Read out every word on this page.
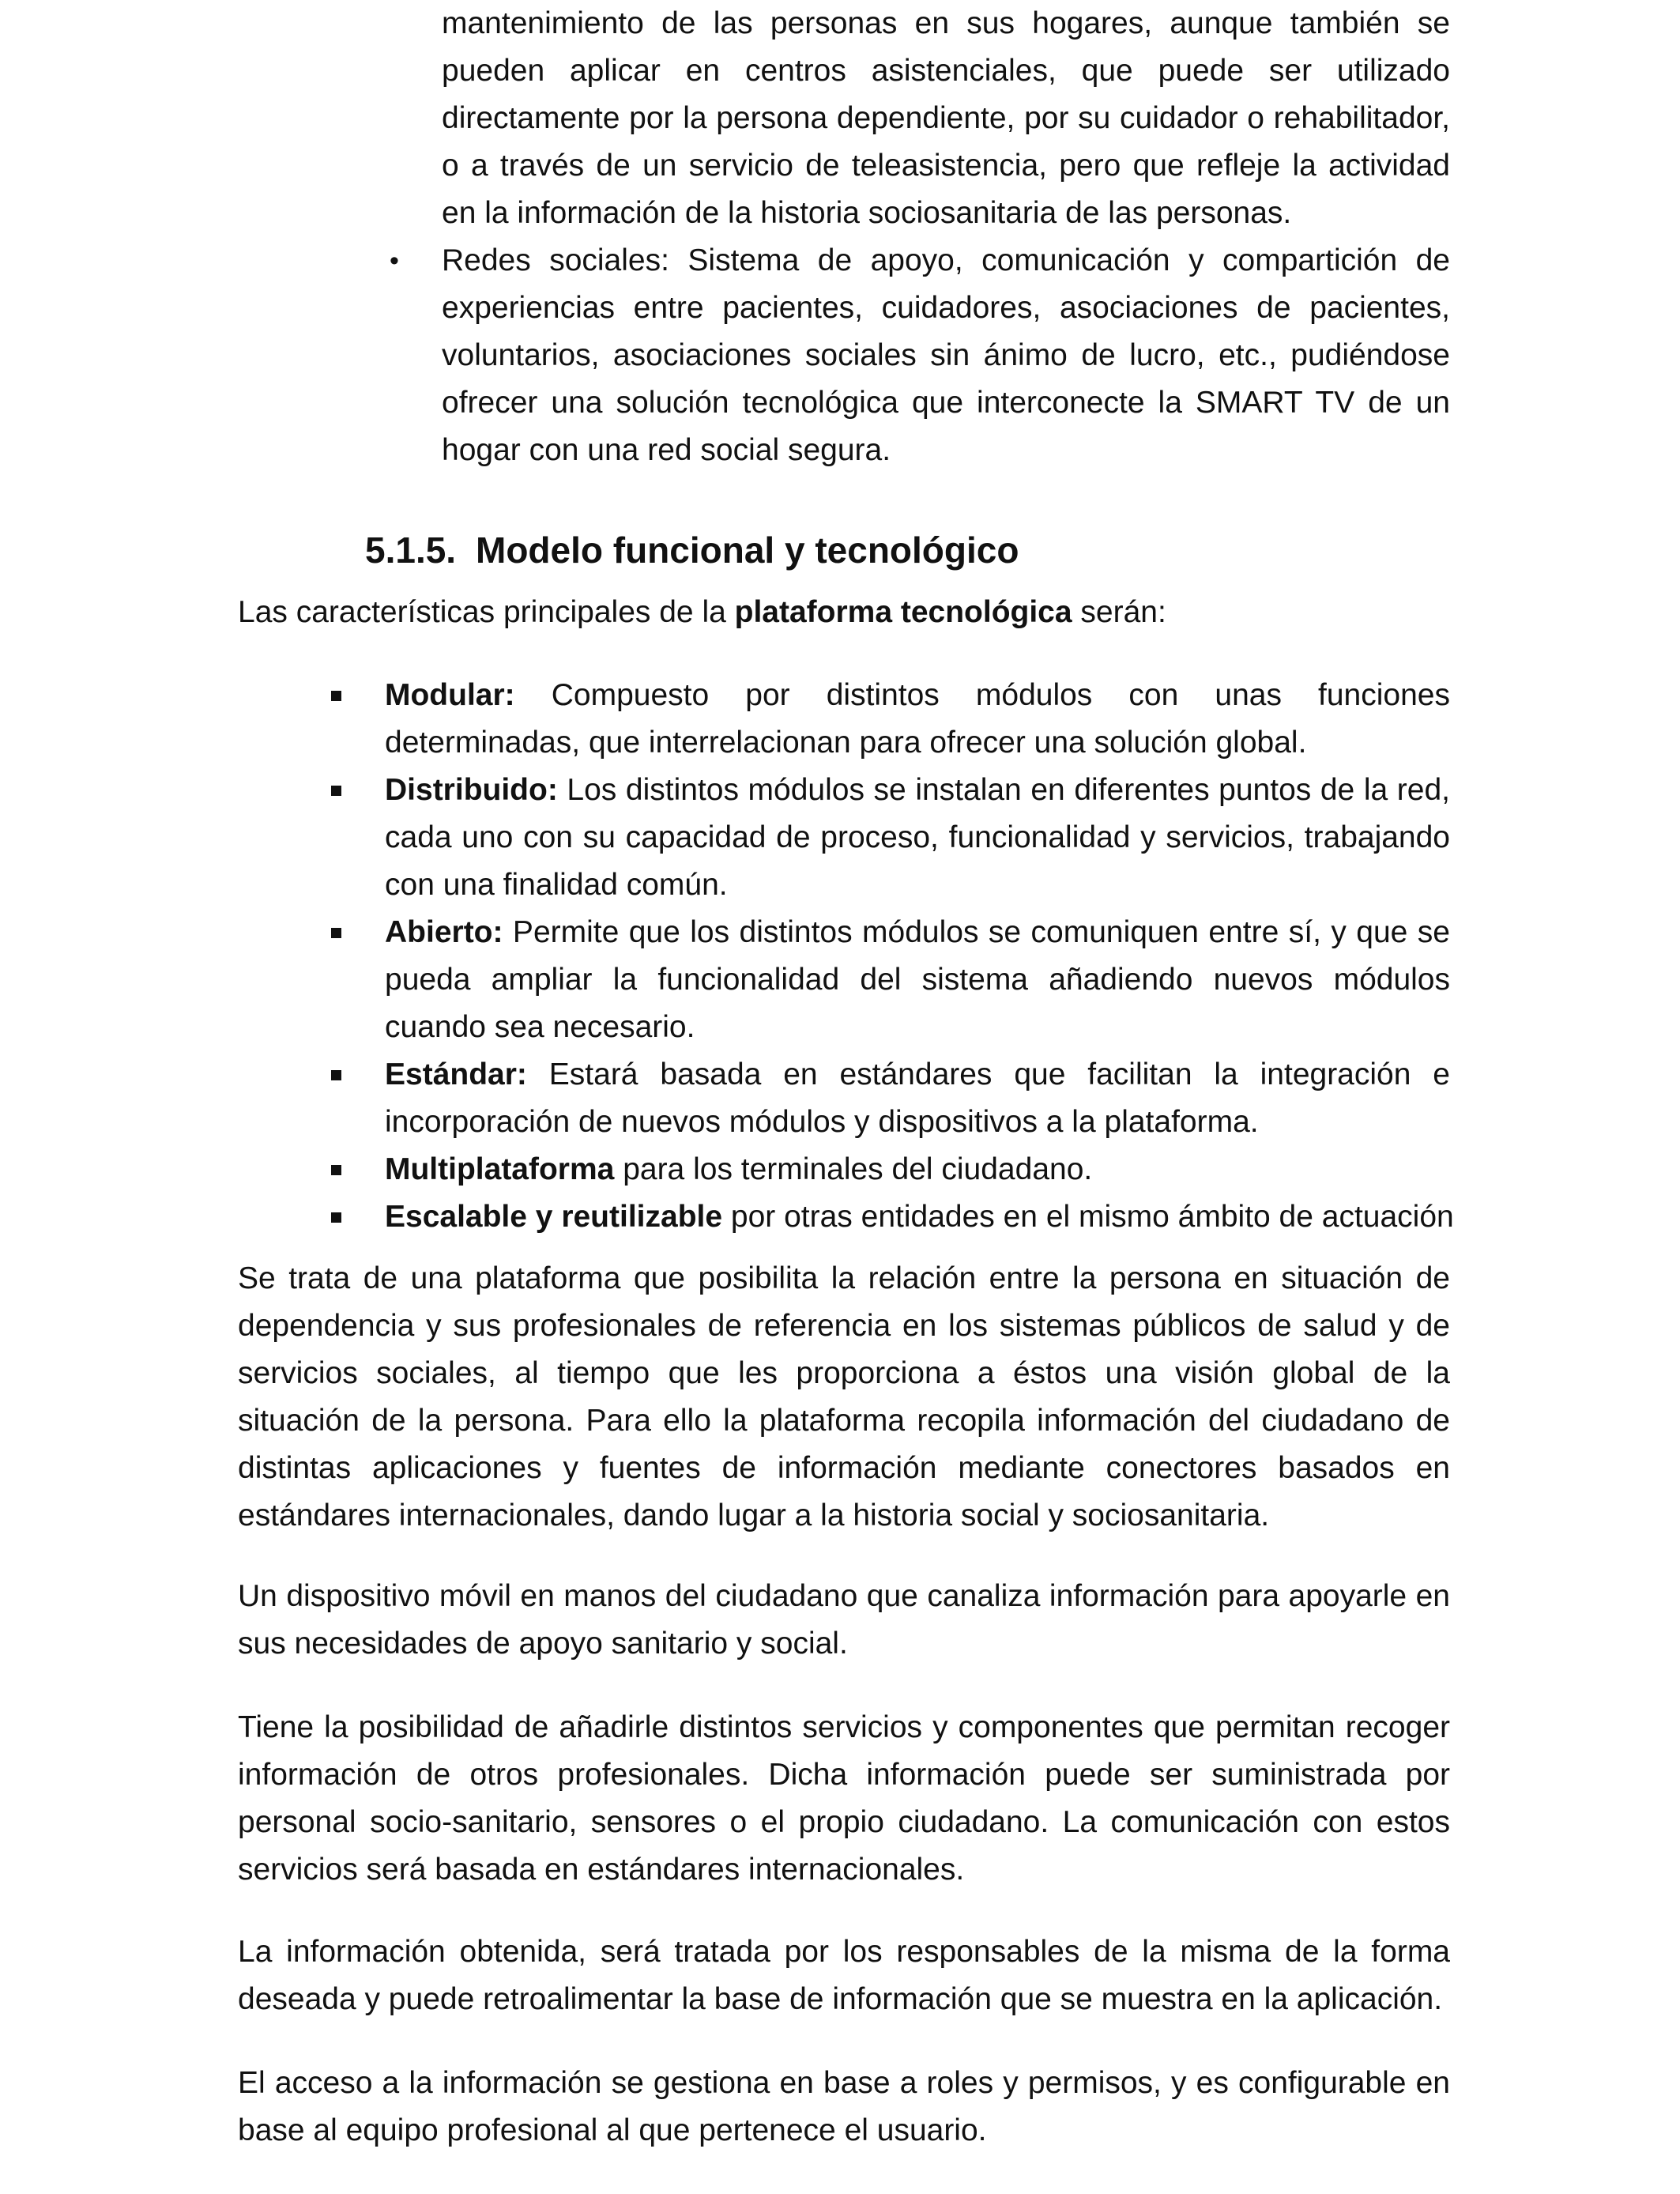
mantenimiento de las personas en sus hogares, aunque también se pueden aplicar en centros asistenciales, que puede ser utilizado directamente por la persona dependiente, por su cuidador o rehabilitador, o a través de un servicio de teleasistencia, pero que refleje la actividad en la información de la historia sociosanitaria de las personas.

• Redes sociales: Sistema de apoyo, comunicación y compartición de experiencias entre pacientes, cuidadores, asociaciones de pacientes, voluntarios, asociaciones sociales sin ánimo de lucro, etc., pudiéndose ofrecer una solución tecnológica que interconecte la SMART TV de un hogar con una red social segura.

5.1.5. Modelo funcional y tecnológico

Las características principales de la plataforma tecnológica serán:

Modular: Compuesto por distintos módulos con unas funciones determinadas, que interrelacionan para ofrecer una solución global.

Distribuido: Los distintos módulos se instalan en diferentes puntos de la red, cada uno con su capacidad de proceso, funcionalidad y servicios, trabajando con una finalidad común.

Abierto: Permite que los distintos módulos se comuniquen entre sí, y que se pueda ampliar la funcionalidad del sistema añadiendo nuevos módulos cuando sea necesario.

Estándar: Estará basada en estándares que facilitan la integración e incorporación de nuevos módulos y dispositivos a la plataforma.

Multiplataforma para los terminales del ciudadano.

Escalable y reutilizable por otras entidades en el mismo ámbito de actuación

Se trata de una plataforma que posibilita la relación entre la persona en situación de dependencia y sus profesionales de referencia en los sistemas públicos de salud y de servicios sociales, al tiempo que les proporciona a éstos una visión global de la situación de la persona. Para ello la plataforma recopila información del ciudadano de distintas aplicaciones y fuentes de información mediante conectores basados en estándares internacionales, dando lugar a la historia social y sociosanitaria.

Un dispositivo móvil en manos del ciudadano que canaliza información para apoyarle en sus necesidades de apoyo sanitario y social.

Tiene la posibilidad de añadirle distintos servicios y componentes que permitan recoger información de otros profesionales. Dicha información puede ser suministrada por personal socio-sanitario, sensores o el propio ciudadano. La comunicación con estos servicios será basada en estándares internacionales.

La información obtenida, será tratada por los responsables de la misma de la forma deseada y puede retroalimentar la base de información que se muestra en la aplicación.

El acceso a la información se gestiona en base a roles y permisos, y es configurable en base al equipo profesional al que pertenece el usuario.
